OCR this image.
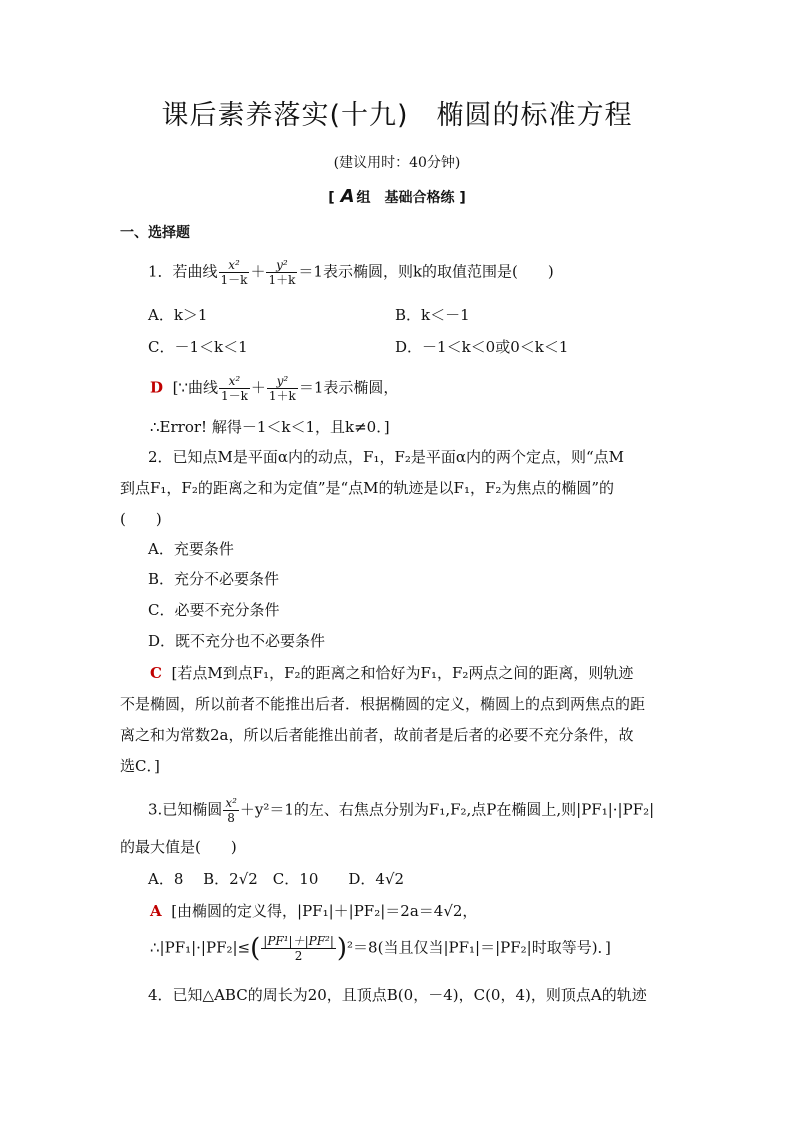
课后素养落实(十九)　椭圆的标准方程
(建议用时：40分钟)
[ A 组　基础合格练 ]
一、选择题
1．若曲线 $\frac{\text{x²}}{1-k} + \frac{\text{y²}}{1+k} =1$表示椭圆，则k的取值范围是(　　)
A．k＞1	B．k＜－1
C．－1＜k＜1	D．－1＜k＜0或0＜k＜1
D [∵曲线 $\frac{\text{x²}}{1-k} + \frac{\text{y²}}{1+k} =1$表示椭圆，
∴Error! 解得－1＜k＜1，且k≠0．]
2．已知点M是平面α内的动点，F₁，F₂是平面α内的两个定点，则“点M
到点F₁，F₂的距离之和为定值”是“点M的轨迹是以F₁，F₂为焦点的椭圆”的
(　　)
A．充要条件
B．充分不必要条件
C．必要不充分条件
D．既不充分也不必要条件
C [若点M到点F₁，F₂的距离之和恰好为F₁，F₂两点之间的距离，则轨迹
不是椭圆，所以前者不能推出后者．根据椭圆的定义，椭圆上的点到两焦点的距
离之和为常数2a，所以后者能推出前者，故前者是后者的必要不充分条件，故
选C．]
3.已知椭圆 $\frac{\text{x²}}{8} +y^2=1$的左、右焦点分别为F₁,F₂,点P在椭圆上,则|PF₁|·|PF₂|
的最大值是(　　)
A．8　 B．2√2　C．10　　D．4√2
A [由椭圆的定义得，|PF₁|＋|PF₂|＝2a＝4√2，
∴|PF₁|·|PF₂|≤( $\frac{\text{|PF¹|＋|PF²|}}{2} )^2=8$(当且仅当|PF₁|＝|PF₂|时取等号)．]
4．已知△ABC的周长为20，且顶点B(0，－4)，C(0，4)，则顶点A的轨迹
